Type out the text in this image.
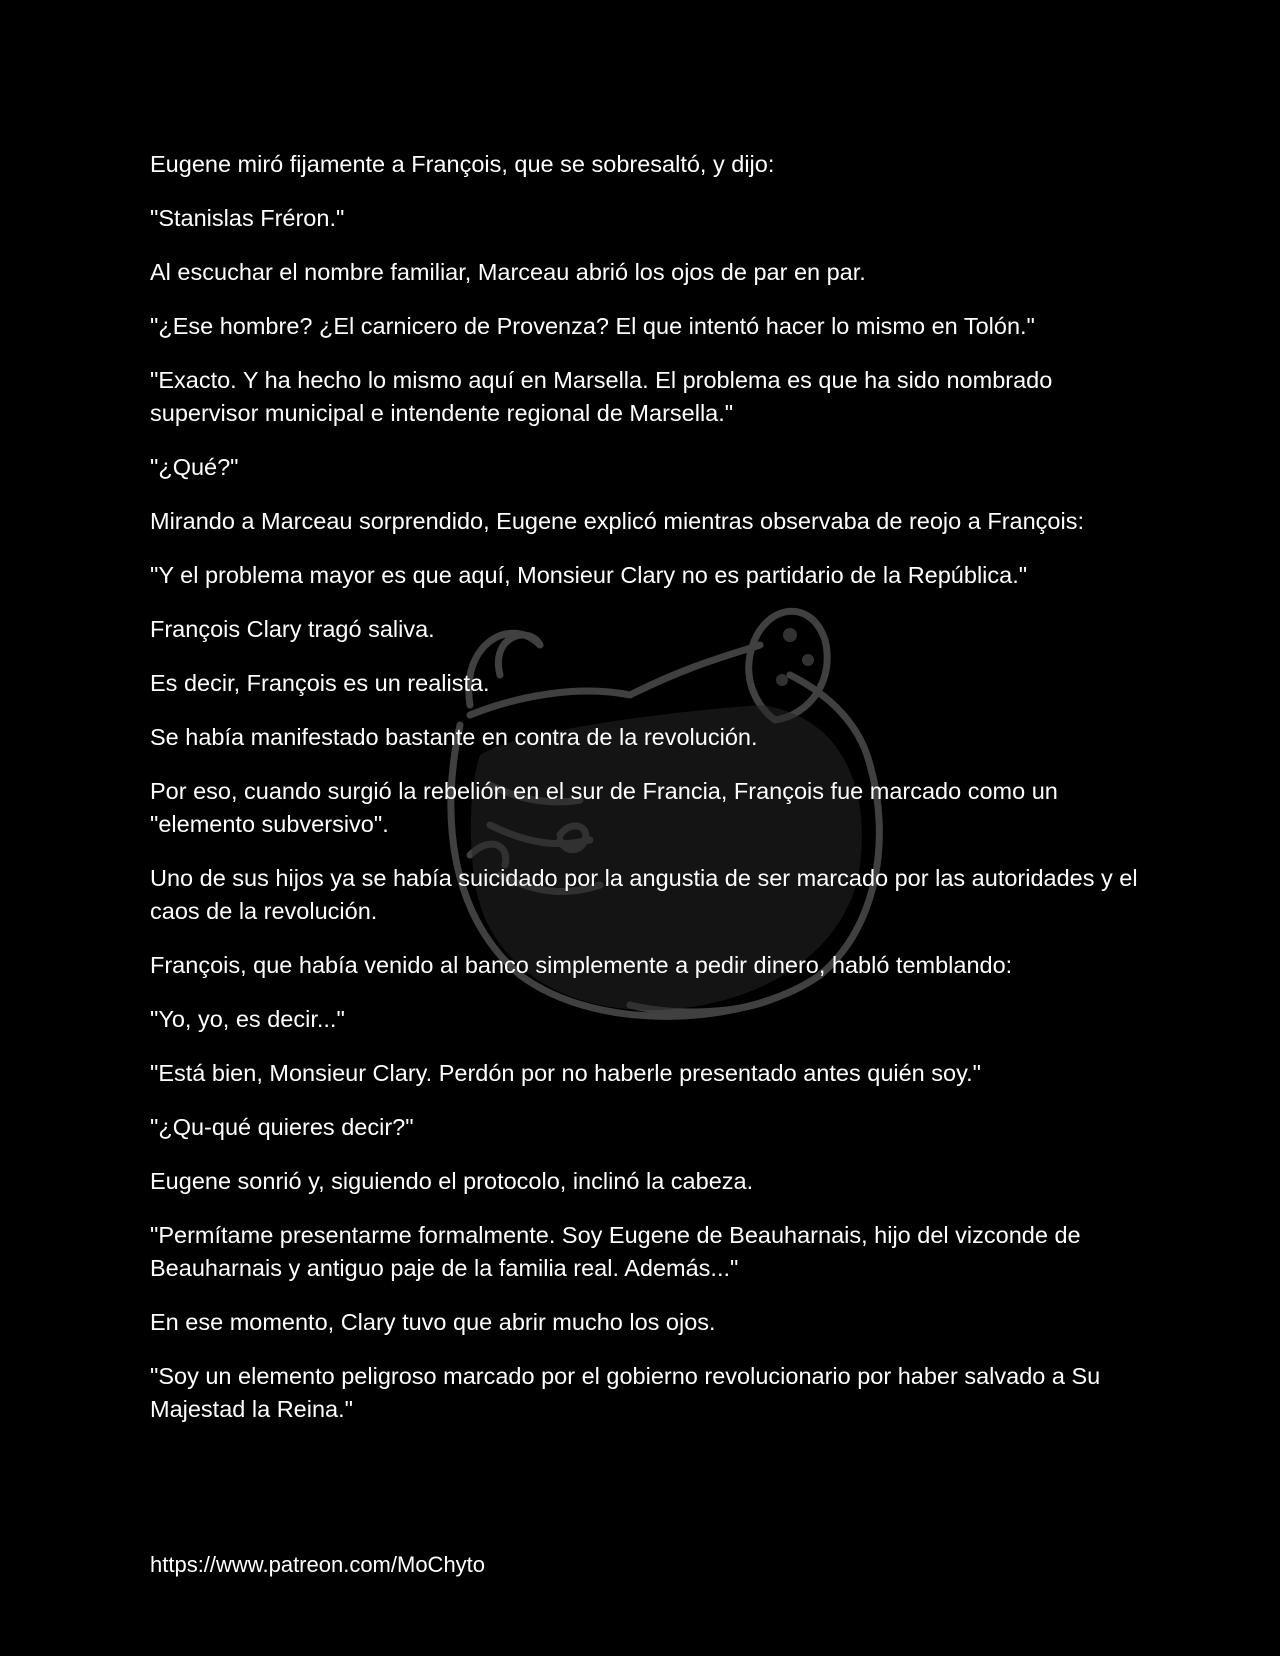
Eugene miró fijamente a François, que se sobresaltó, y dijo:

"Stanislas Fréron."

Al escuchar el nombre familiar, Marceau abrió los ojos de par en par.

"¿Ese hombre? ¿El carnicero de Provenza? El que intentó hacer lo mismo en Tolón."

"Exacto. Y ha hecho lo mismo aquí en Marsella. El problema es que ha sido nombrado supervisor municipal e intendente regional de Marsella."

"¿Qué?"

Mirando a Marceau sorprendido, Eugene explicó mientras observaba de reojo a François:

"Y el problema mayor es que aquí, Monsieur Clary no es partidario de la República."

François Clary tragó saliva.

Es decir, François es un realista.

Se había manifestado bastante en contra de la revolución.

Por eso, cuando surgió la rebelión en el sur de Francia, François fue marcado como un "elemento subversivo".

Uno de sus hijos ya se había suicidado por la angustia de ser marcado por las autoridades y el caos de la revolución.

François, que había venido al banco simplemente a pedir dinero, habló temblando:

"Yo, yo, es decir..."

"Está bien, Monsieur Clary. Perdón por no haberle presentado antes quién soy."

"¿Qu-qué quieres decir?"

Eugene sonrió y, siguiendo el protocolo, inclinó la cabeza.

"Permítame presentarme formalmente. Soy Eugene de Beauharnais, hijo del vizconde de Beauharnais y antiguo paje de la familia real. Además..."

En ese momento, Clary tuvo que abrir mucho los ojos.

"Soy un elemento peligroso marcado por el gobierno revolucionario por haber salvado a Su Majestad la Reina."

https://www.patreon.com/MoChyto
